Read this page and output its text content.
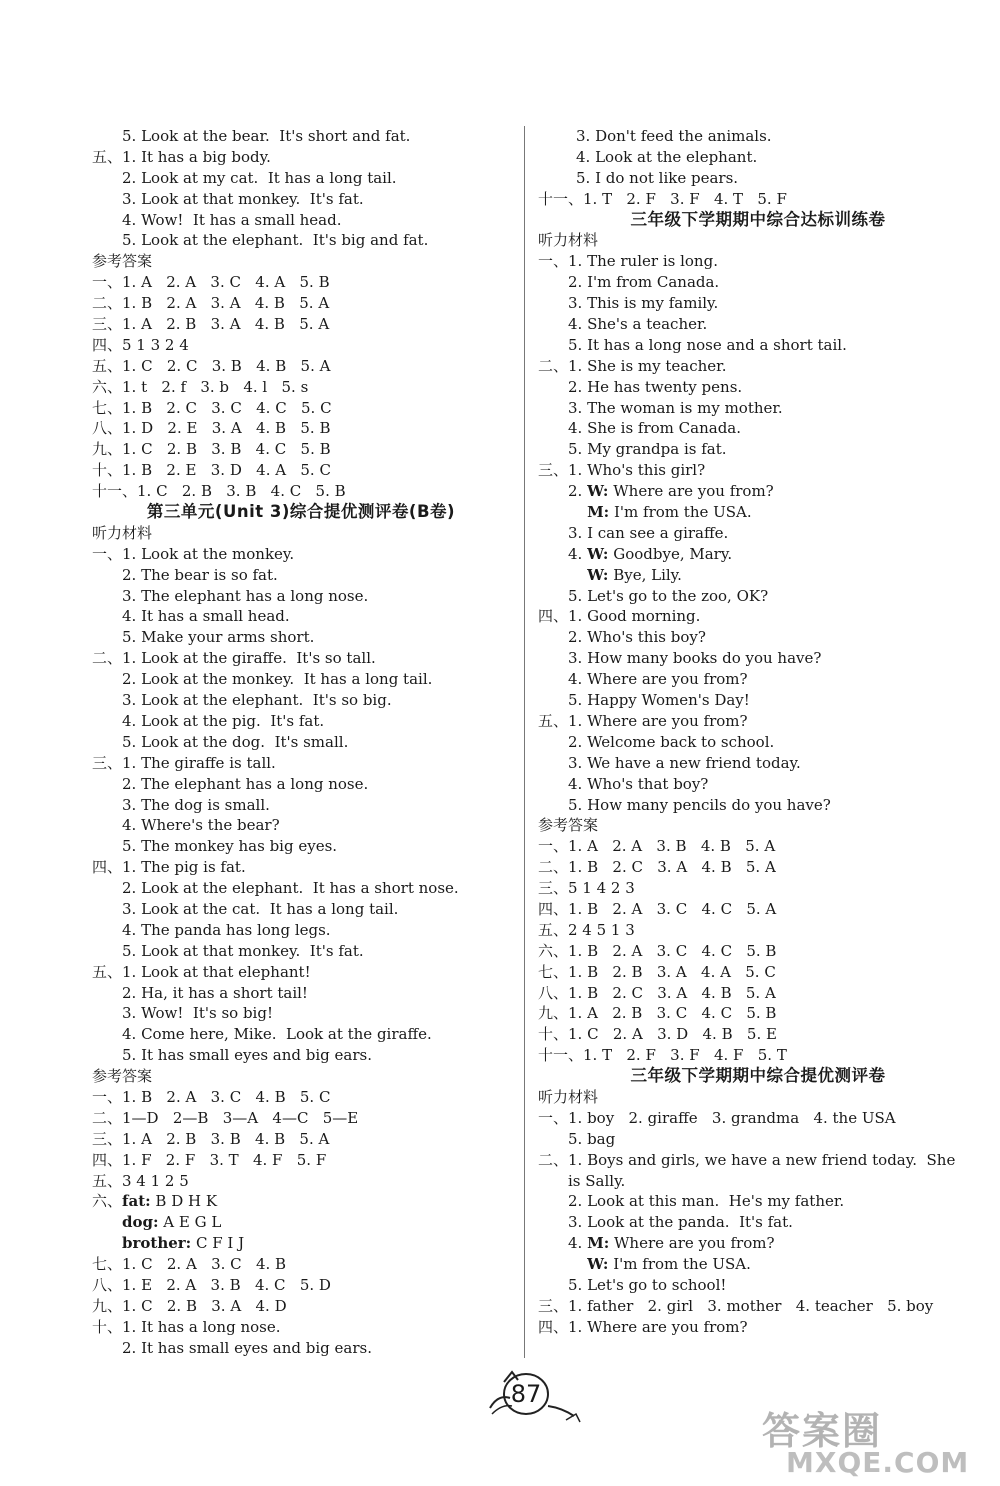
5. Look at the bear.  It's short and fat.
五、1. It has a big body.
2. Look at my cat.  It has a long tail.
3. Look at that monkey.  It's fat.
4. Wow!  It has a small head.
5. Look at the elephant.  It's big and fat.
参考答案
一、1. A   2. A   3. C   4. A   5. B
二、1. B   2. A   3. A   4. B   5. A
三、1. A   2. B   3. A   4. B   5. A
四、5 1 3 2 4
五、1. C   2. C   3. B   4. B   5. A
六、1. t   2. f   3. b   4. l   5. s
七、1. B   2. C   3. C   4. C   5. C
八、1. D   2. E   3. A   4. B   5. B
九、1. C   2. B   3. B   4. C   5. B
十、1. B   2. E   3. D   4. A   5. C
十一、1. C   2. B   3. B   4. C   5. B
第三单元(Unit 3)综合提优测评卷(B卷)
听力材料
一、1. Look at the monkey.
2. The bear is so fat.
3. The elephant has a long nose.
4. It has a small head.
5. Make your arms short.
二、1. Look at the giraffe.  It's so tall.
2. Look at the monkey.  It has a long tail.
3. Look at the elephant.  It's so big.
4. Look at the pig.  It's fat.
5. Look at the dog.  It's small.
三、1. The giraffe is tall.
2. The elephant has a long nose.
3. The dog is small.
4. Where's the bear?
5. The monkey has big eyes.
四、1. The pig is fat.
2. Look at the elephant.  It has a short nose.
3. Look at the cat.  It has a long tail.
4. The panda has long legs.
5. Look at that monkey.  It's fat.
五、1. Look at that elephant!
2. Ha, it has a short tail!
3. Wow!  It's so big!
4. Come here, Mike.  Look at the giraffe.
5. It has small eyes and big ears.
参考答案
一、1. B   2. A   3. C   4. B   5. C
二、1—D   2—B   3—A   4—C   5—E
三、1. A   2. B   3. B   4. B   5. A
四、1. F   2. F   3. T   4. F   5. F
五、3 4 1 2 5
六、fat: B D H K
dog: A E G L
brother: C F I J
七、1. C   2. A   3. C   4. B
八、1. E   2. A   3. B   4. C   5. D
九、1. C   2. B   3. A   4. D
十、1. It has a long nose.
2. It has small eyes and big ears.
3. Don't feed the animals.
4. Look at the elephant.
5. I do not like pears.
十一、1. T   2. F   3. F   4. T   5. F
三年级下学期期中综合达标训练卷
听力材料
一、1. The ruler is long.
2. I'm from Canada.
3. This is my family.
4. She's a teacher.
5. It has a long nose and a short tail.
二、1. She is my teacher.
2. He has twenty pens.
3. The woman is my mother.
4. She is from Canada.
5. My grandpa is fat.
三、1. Who's this girl?
2. W: Where are you from?
M: I'm from the USA.
3. I can see a giraffe.
4. W: Goodbye, Mary.
W: Bye, Lily.
5. Let's go to the zoo, OK?
四、1. Good morning.
2. Who's this boy?
3. How many books do you have?
4. Where are you from?
5. Happy Women's Day!
五、1. Where are you from?
2. Welcome back to school.
3. We have a new friend today.
4. Who's that boy?
5. How many pencils do you have?
参考答案
一、1. A   2. A   3. B   4. B   5. A
二、1. B   2. C   3. A   4. B   5. A
三、5 1 4 2 3
四、1. B   2. A   3. C   4. C   5. A
五、2 4 5 1 3
六、1. B   2. A   3. C   4. C   5. B
七、1. B   2. B   3. A   4. A   5. C
八、1. B   2. C   3. A   4. B   5. A
九、1. A   2. B   3. C   4. C   5. B
十、1. C   2. A   3. D   4. B   5. E
十一、1. T   2. F   3. F   4. F   5. T
三年级下学期期中综合提优测评卷
听力材料
一、1. boy   2. giraffe   3. grandma   4. the USA
5. bag
二、1. Boys and girls, we have a new friend today.  She
is Sally.
2. Look at this man.  He's my father.
3. Look at the panda.  It's fat.
4. M: Where are you from?
W: I'm from the USA.
5. Let's go to school!
三、1. father   2. girl   3. mother   4. teacher   5. boy
四、1. Where are you from?
87
答案圈
MXQE.COM
